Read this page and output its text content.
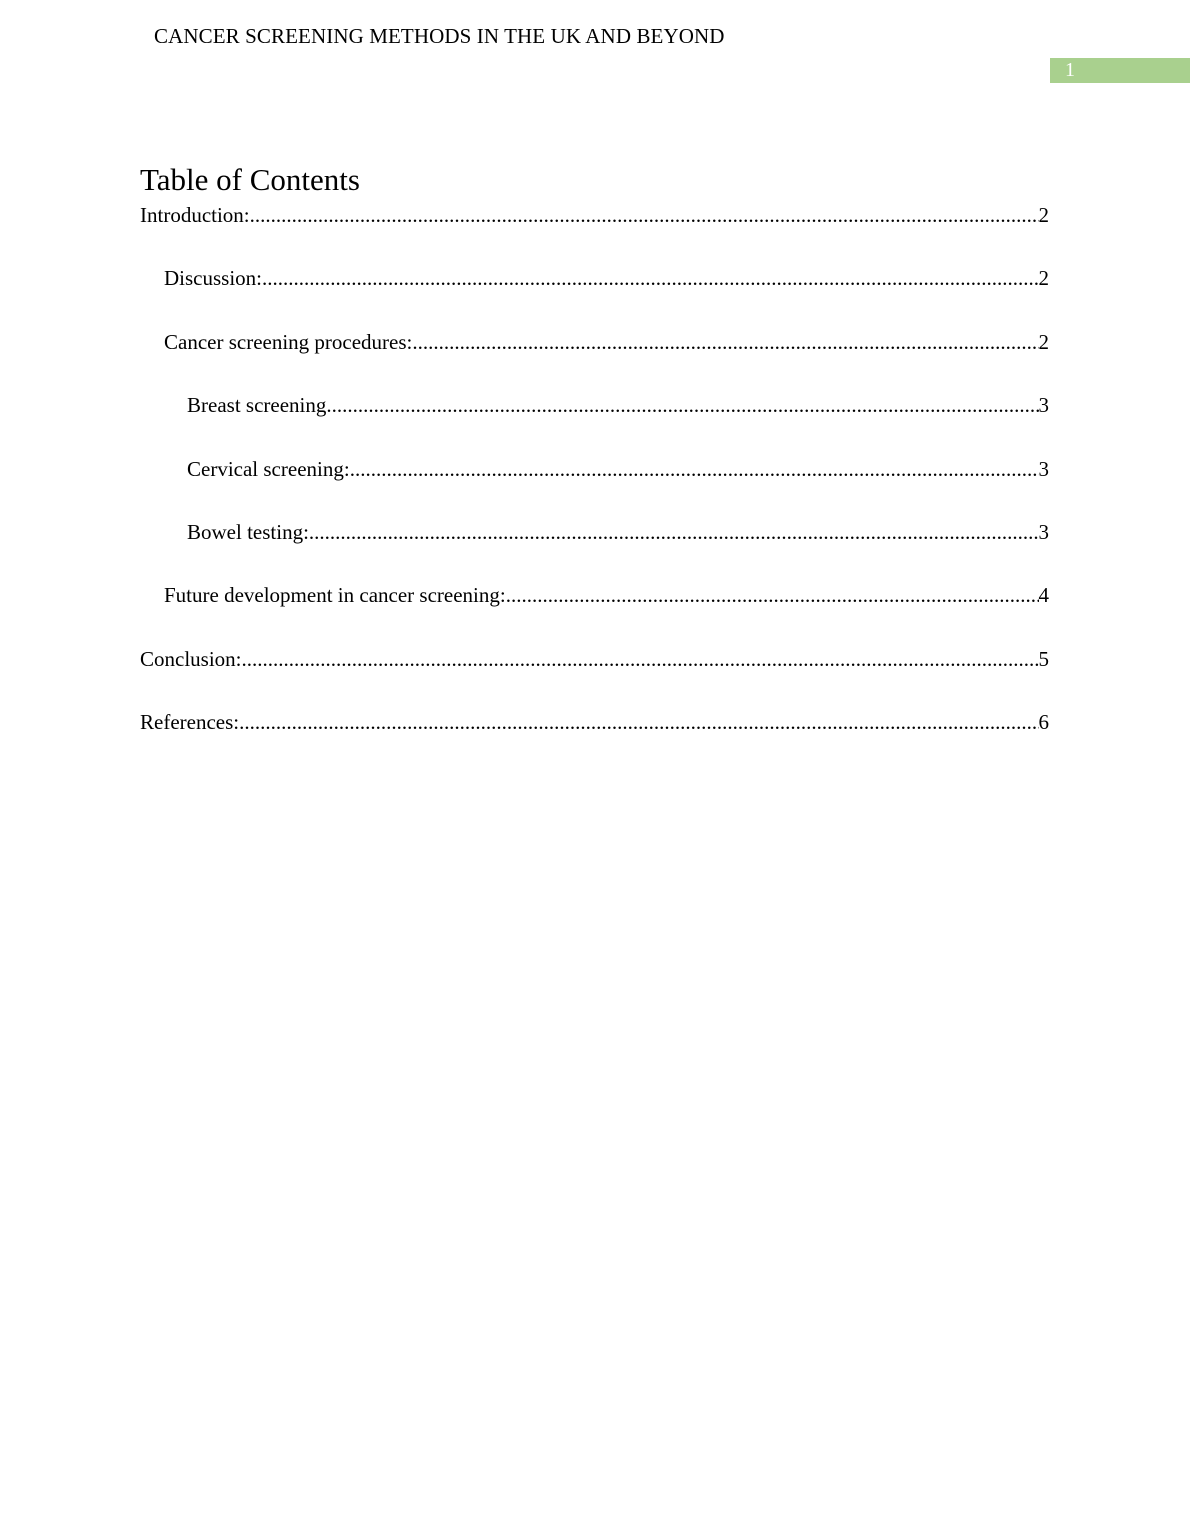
CANCER SCREENING METHODS IN THE UK AND BEYOND
1
Table of Contents
Introduction: .....	2
Discussion: .....	2
Cancer screening procedures: .....	2
Breast screening .....	3
Cervical screening: .....	3
Bowel testing: .....	3
Future development in cancer screening: .....	4
Conclusion: .....	5
References: .....	6
